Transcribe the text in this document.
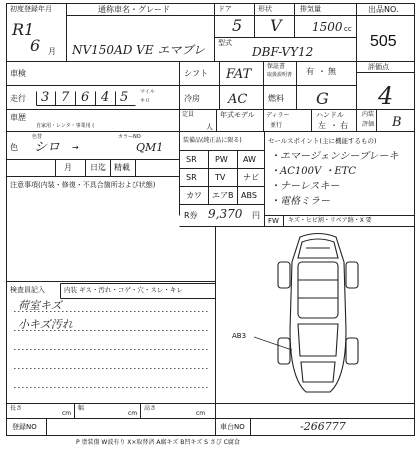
初度登録年月
R1
6 月
通称車名・グレード
NV150AD VE エマブレ
ドア
5
形状
V
排気量
1500 cc
型式
DBF-VY12
出品NO.
505
車検	シフト FAT
保証書
取扱説明書 有 ・ 無	評価点
4
走行 3 7 6 4 5 マイル
キロ	冷房 AC	燃料 G
車歴
自家用・レンタ・事業用 (
定員
人
年式モデル ディラー
並行
ハンドル
左 ・ 右
内装
評価 B
色
色替
シロ →
カラーNO
QM1
月 日迄 精載
装備品(純正品に限る)
SR PW AW
SR TV ナビ
カワ エアB ABS
R券 9,370 円
セールスポイント(主に機能するもの)
・エマージェンシーブレーキ
・AC100V ・ETC
・ナーレスキー
・電格ミラー
FW キズ・ヒビ割・リペア跡・X 要
注意事項(内装・修復・不具合箇所および状態)
検査員記入	内装 ギス・汚れ・コゲ・穴・スレ・キレ
荷室キズ
小キズ汚れ
AB3
長さ
cm
幅
cm
高さ
cm
登録NO	車台NO	-266777
P 塗装傷 W波有り X×取替済 A腐キズ B凹キズ S さび C腐食
